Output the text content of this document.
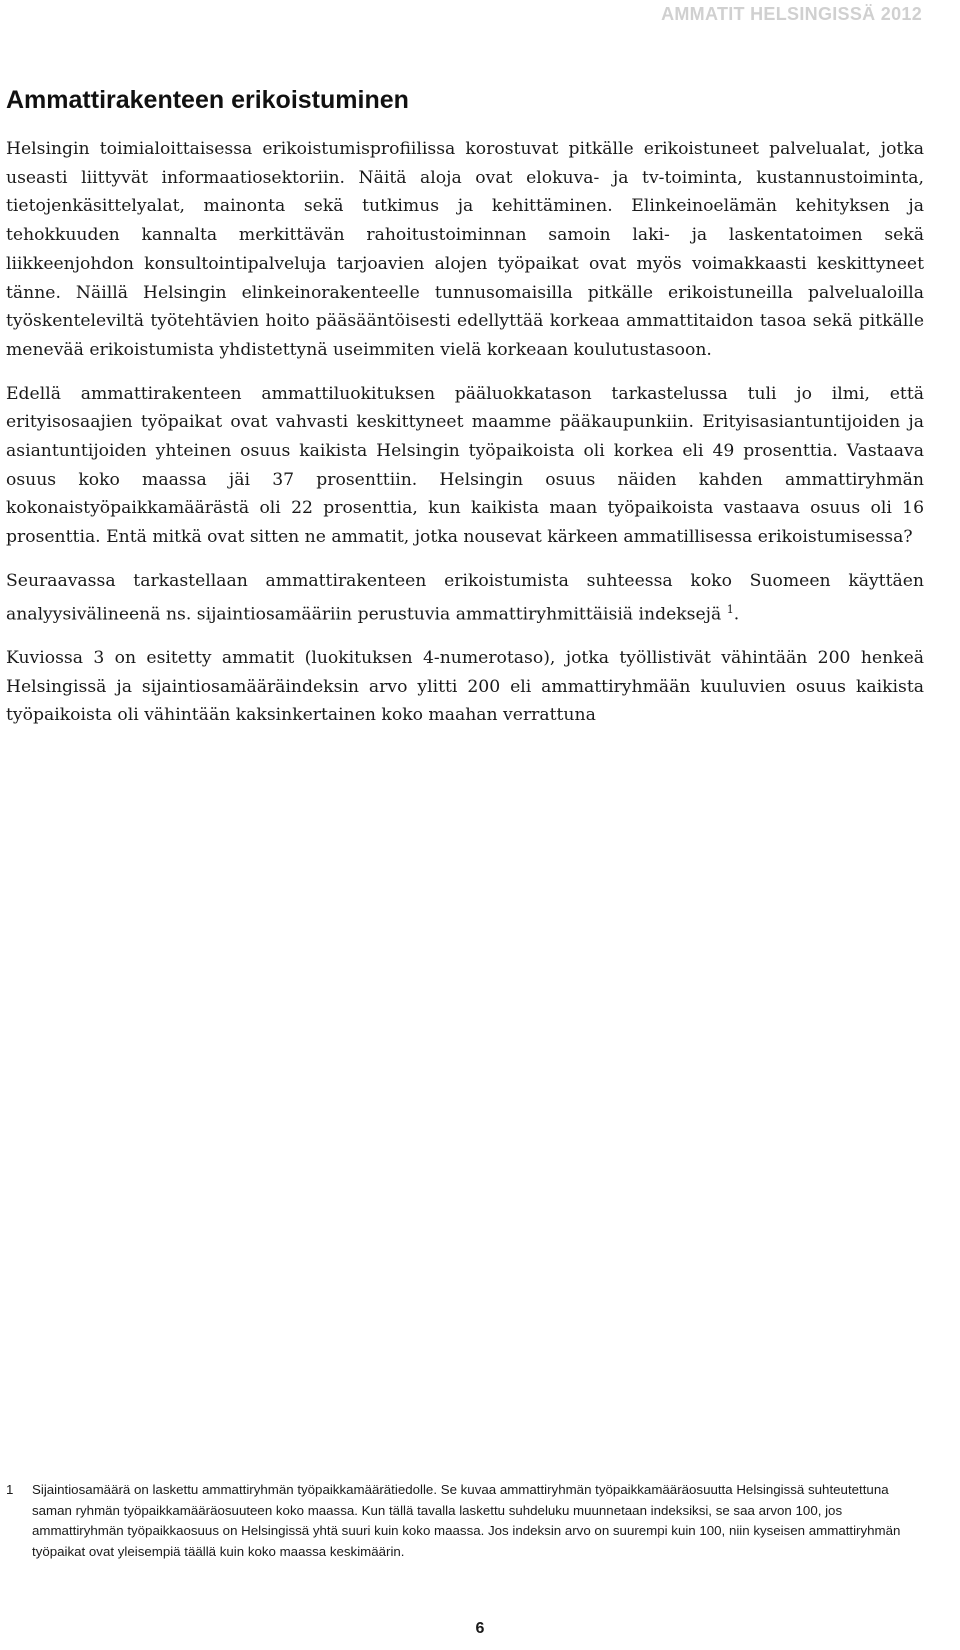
AMMATIT HELSINGISSÄ 2012
Ammattirakenteen erikoistuminen

Helsingin toimialoittaisessa erikoistumisprofiilissa korostuvat pitkälle erikoistuneet palvelualat, jotka useasti liittyvät informaatiosektoriin. Näitä aloja ovat elokuva- ja tv-toiminta, kustannustoiminta, tietojenkäsittelyalat, mainonta sekä tutkimus ja kehittäminen. Elinkeinoelämän kehityksen ja tehokkuuden kannalta merkittävän rahoitustoiminnan samoin laki- ja laskentatoimen sekä liikkeenjohdon konsultointipalveluja tarjoavien alojen työpaikat ovat myös voimakkaasti keskittyneet tänne. Näillä Helsingin elinkeinorakenteelle tunnusomaisilla pitkälle erikoistuneilla palvelualoilla työskenteleviltä työtehtävien hoito pääsääntöisesti edellyttää korkeaa ammattitaidon tasoa sekä pitkälle menevää erikoistumista yhdistettynä useimmiten vielä korkeaan koulutustasoon.

Edellä ammattirakenteen ammattiluokituksen pääluokkatason tarkastelussa tuli jo ilmi, että erityisosaajien työpaikat ovat vahvasti keskittyneet maamme pääkaupunkiin. Erityisasiantuntijoiden ja asiantuntijoiden yhteinen osuus kaikista Helsingin työpaikoista oli korkea eli 49 prosenttia. Vastaava osuus koko maassa jäi 37 prosenttiin. Helsingin osuus näiden kahden ammattiryhmän kokonaistyöpaikkamäärästä oli 22 prosenttia, kun kaikista maan työpaikoista vastaava osuus oli 16 prosenttia. Entä mitkä ovat sitten ne ammatit, jotka nousevat kärkeen ammatillisessa erikoistumisessa?

Seuraavassa tarkastellaan ammattirakenteen erikoistumista suhteessa koko Suomeen käyttäen analyysivälineenä ns. sijaintiosamääriin perustuvia ammattiryhmittäisiä indeksejä $^1$.

Kuviossa 3 on esitetty ammatit (luokituksen 4-numerotaso), jotka työllistivät vähintään 200 henkeä Helsingissä ja sijaintiosamääräindeksin arvo ylitti 200 eli ammattiryhmään kuuluvien osuus kaikista työpaikoista oli vähintään kaksinkertainen koko maahan verrattuna

1	Sijaintiosamäärä on laskettu ammattiryhmän työpaikkamäärätiedolle. Se kuvaa ammattiryhmän työpaikkamääräosuutta Helsingissä suhteutettuna saman ryhmän työpaikkamääräosuuteen koko maassa. Kun tällä tavalla laskettu suhdeluku muunnetaan indeksiksi, se saa arvon 100, jos ammattiryhmän työpaikkaosuus on Helsingissä yhtä suuri kuin koko maassa. Jos indeksin arvo on suurempi kuin 100, niin kyseisen ammattiryhmän työpaikat ovat yleisempiä täällä kuin koko maassa keskimäärin.
6
